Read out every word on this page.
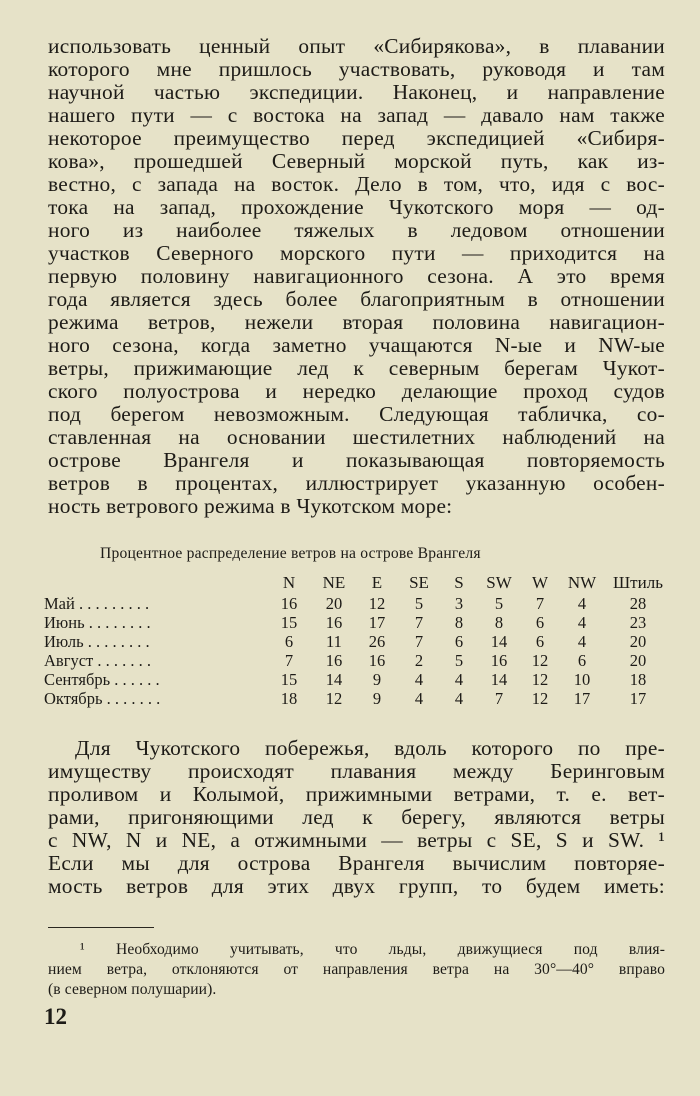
использовать ценный опыт «Сибирякова», в плавании
которого мне пришлось участвовать, руководя и там
научной частью экспедиции. Наконец, и направление
нашего пути — с востока на запад — давало нам также
некоторое преимущество перед экспедицией «Сибиря-
кова», прошедшей Северный морской путь, как из-
вестно, с запада на восток. Дело в том, что, идя с вос-
тока на запад, прохождение Чукотского моря — од-
ного из наиболее тяжелых в ледовом отношении
участков Северного морского пути — приходится на
первую половину навигационного сезона. А это время
года является здесь более благоприятным в отношении
режима ветров, нежели вторая половина навигацион-
ного сезона, когда заметно учащаются N-ые и NW-ые
ветры, прижимающие лед к северным берегам Чукот-
ского полуострова и нередко делающие проход судов
под берегом невозможным. Следующая табличка, со-
ставленная на основании шестилетних наблюдений на
острове Врангеля и показывающая повторяемость
ветров в процентах, иллюстрирует указанную особен-
ность ветрового режима в Чукотском море:
Процентное распределение ветров на острове Врангеля
	N	NE	E	SE	S	SW	W	NW	Штиль
Май . . . . . . . . .	16	20	12	5	3	5	7	4	28
Июнь . . . . . . . .	15	16	17	7	8	8	6	4	23
Июль . . . . . . . .	6	11	26	7	6	14	6	4	20
Август . . . . . . .	7	16	16	2	5	16	12	6	20
Сентябрь . . . . . .	15	14	9	4	4	14	12	10	18
Октябрь . . . . . . .	18	12	9	4	4	7	12	17	17
Для Чукотского побережья, вдоль которого по пре-
имуществу происходят плавания между Беринговым
проливом и Колымой, прижимными ветрами, т. е. вет-
рами, пригоняющими лед к берегу, являются ветры
с NW, N и NE, а отжимными — ветры с SE, S и SW. ¹
Если мы для острова Врангеля вычислим повторяе-
мость ветров для этих двух групп, то будем иметь:
¹ Необходимо учитывать, что льды, движущиеся под влия-
нием ветра, отклоняются от направления ветра на 30°—40° вправо
(в северном полушарии).
12
